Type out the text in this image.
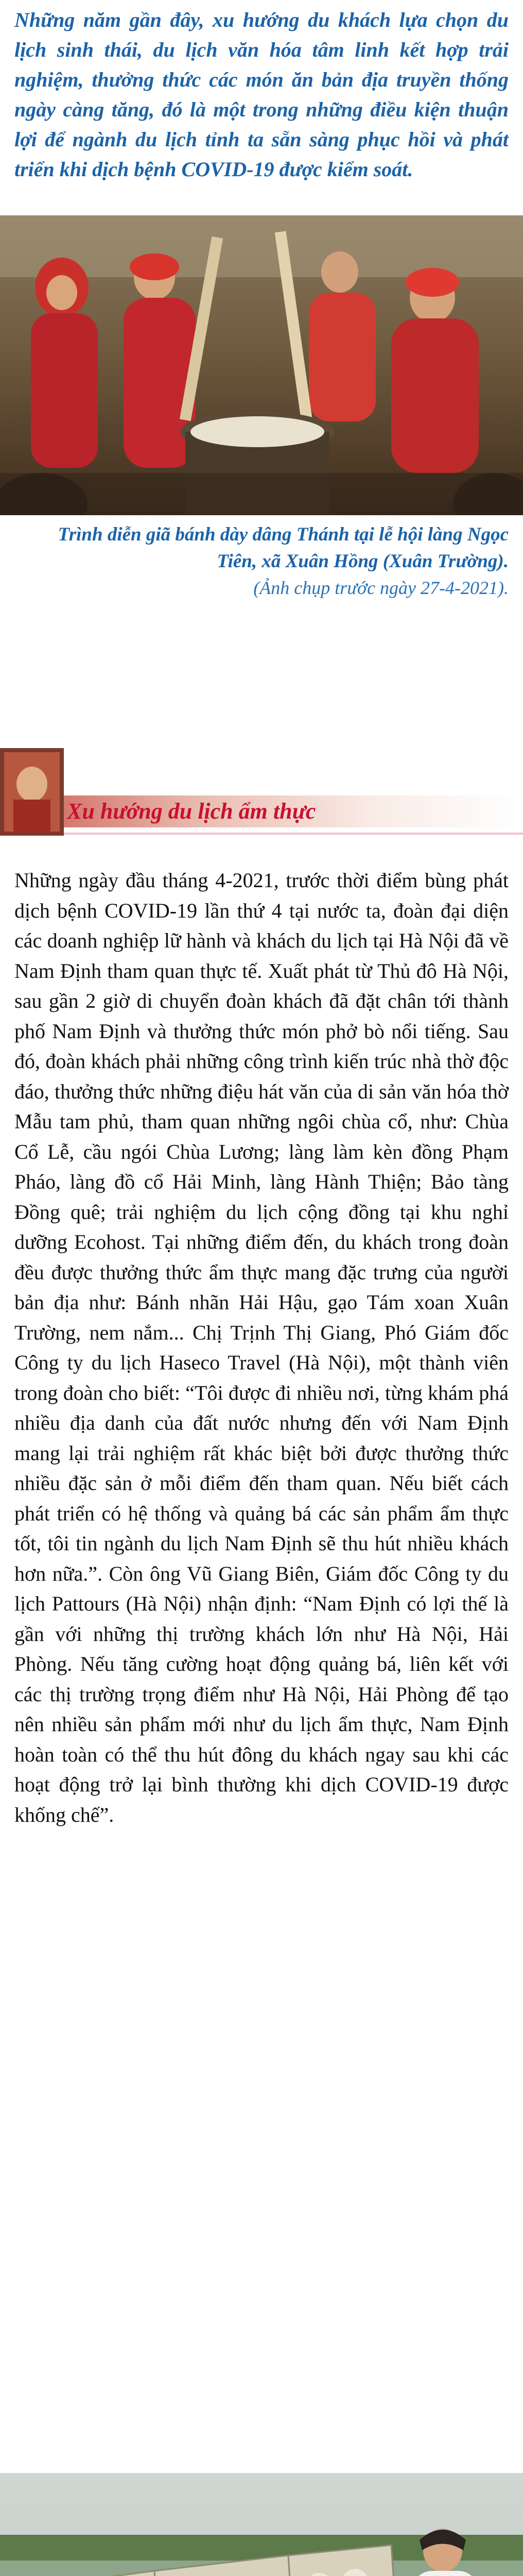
Những năm gần đây, xu hướng du khách lựa chọn du lịch sinh thái, du lịch văn hóa tâm linh kết hợp trải nghiệm, thưởng thức các món ăn bản địa truyền thống ngày càng tăng, đó là một trong những điều kiện thuận lợi để ngành du lịch tỉnh ta sẵn sàng phục hồi và phát triển khi dịch bệnh COVID-19 được kiểm soát.

Trình diễn giã bánh dày dâng Thánh tại lễ hội làng Ngọc Tiên, xã Xuân Hồng (Xuân Trường).

(Ảnh chụp trước ngày 27-4-2021).

Xu hướng du lịch ẩm thực

Những ngày đầu tháng 4-2021, trước thời điểm bùng phát dịch bệnh COVID-19 lần thứ 4 tại nước ta, đoàn đại diện các doanh nghiệp lữ hành và khách du lịch tại Hà Nội đã về Nam Định tham quan thực tế. Xuất phát từ Thủ đô Hà Nội, sau gần 2 giờ di chuyển đoàn khách đã đặt chân tới thành phố Nam Định và thưởng thức món phở bò nổi tiếng. Sau đó, đoàn khách phải những công trình kiến trúc nhà thờ độc đáo, thưởng thức những điệu hát văn của di sản văn hóa thờ Mẫu tam phủ, tham quan những ngôi chùa cổ, như: Chùa Cổ Lễ, cầu ngói Chùa Lương; làng làm kèn đồng Phạm Pháo, làng đồ cổ Hải Minh, làng Hành Thiện; Bảo tàng Đồng quê; trải nghiệm du lịch cộng đồng tại khu nghỉ dưỡng Ecohost. Tại những điểm đến, du khách trong đoàn đều được thưởng thức ẩm thực mang đặc trưng của người bản địa như: Bánh nhãn Hải Hậu, gạo Tám xoan Xuân Trường, nem nắm... Chị Trịnh Thị Giang, Phó Giám đốc Công ty du lịch Haseco Travel (Hà Nội), một thành viên trong đoàn cho biết: “Tôi được đi nhiều nơi, từng khám phá nhiều địa danh của đất nước nhưng đến với Nam Định mang lại trải nghiệm rất khác biệt bởi được thưởng thức nhiều đặc sản ở mỗi điểm đến tham quan. Nếu biết cách phát triển có hệ thống và quảng bá các sản phẩm ẩm thực tốt, tôi tin ngành du lịch Nam Định sẽ thu hút nhiều khách hơn nữa.”. Còn ông Vũ Giang Biên, Giám đốc Công ty du lịch Pattours (Hà Nội) nhận định: “Nam Định có lợi thế là gần với những thị trường khách lớn như Hà Nội, Hải Phòng. Nếu tăng cường hoạt động quảng bá, liên kết với các thị trường trọng điểm như Hà Nội, Hải Phòng để tạo nên nhiều sản phẩm mới như du lịch ẩm thực, Nam Định hoàn toàn có thể thu hút đông du khách ngay sau khi các hoạt động trở lại bình thường khi dịch COVID-19 được khống chế”.
